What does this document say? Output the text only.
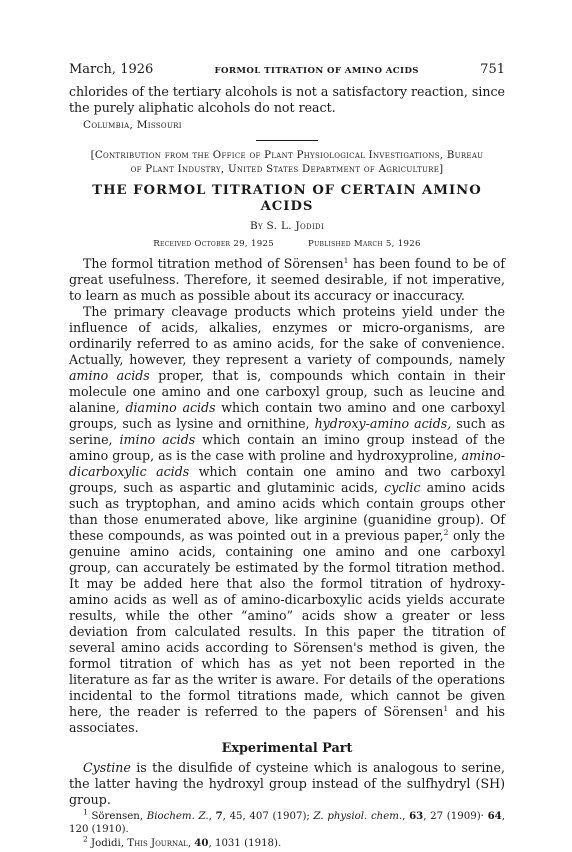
March, 1926	FORMOL TITRATION OF AMINO ACIDS	751

chlorides of the tertiary alcohols is not a satisfactory reaction, since the purely aliphatic alcohols do not react.

Columbia, Missouri
[Contribution from the Office of Plant Physiological Investigations, Bureau
of Plant Industry, United States Department of Agriculture]
THE FORMOL TITRATION OF CERTAIN AMINO ACIDS
By S. L. Jodidi
Received October 29, 1925	Published March 5, 1926

The formol titration method of Sörensen$^1$ has been found to be of great usefulness. Therefore, it seemed desirable, if not imperative, to learn as much as possible about its accuracy or inaccuracy.

The primary cleavage products which proteins yield under the influence of acids, alkalies, enzymes or micro-organisms, are ordinarily referred to as amino acids, for the sake of convenience. Actually, however, they represent a variety of compounds, namely amino acids proper, that is, compounds which contain in their molecule one amino and one carboxyl group, such as leucine and alanine, diamino acids which contain two amino and one carboxyl groups, such as lysine and ornithine, hydroxy-amino acids, such as serine, imino acids which contain an imino group instead of the amino group, as is the case with proline and hydroxyproline, amino-dicarboxylic acids which contain one amino and two carboxyl groups, such as aspartic and glutaminic acids, cyclic amino acids such as tryptophan, and amino acids which contain groups other than those enumerated above, like arginine (guanidine group). Of these compounds, as was pointed out in a previous paper,$^2$ only the genuine amino acids, containing one amino and one carboxyl group, can accurately be estimated by the formol titration method. It may be added here that also the formol titration of hydroxy-amino acids as well as of amino-dicarboxylic acids yields accurate results, while the other “amino” acids show a greater or less deviation from calculated results. In this paper the titration of several amino acids according to Sörensen's method is given, the formol titration of which has as yet not been reported in the literature as far as the writer is aware. For details of the operations incidental to the formol titrations made, which cannot be given here, the reader is referred to the papers of Sörensen$^1$ and his associates.

Experimental Part

Cystine is the disulfide of cysteine which is analogous to serine, the latter having the hydroxyl group instead of the sulfhydryl (SH) group.

$^1$ Sörensen, Biochem. Z., 7, 45, 407 (1907); Z. physiol. chem., 63, 27 (1909)· 64, 120 (1910).

$^2$ Jodidi, This Journal, 40, 1031 (1918).
